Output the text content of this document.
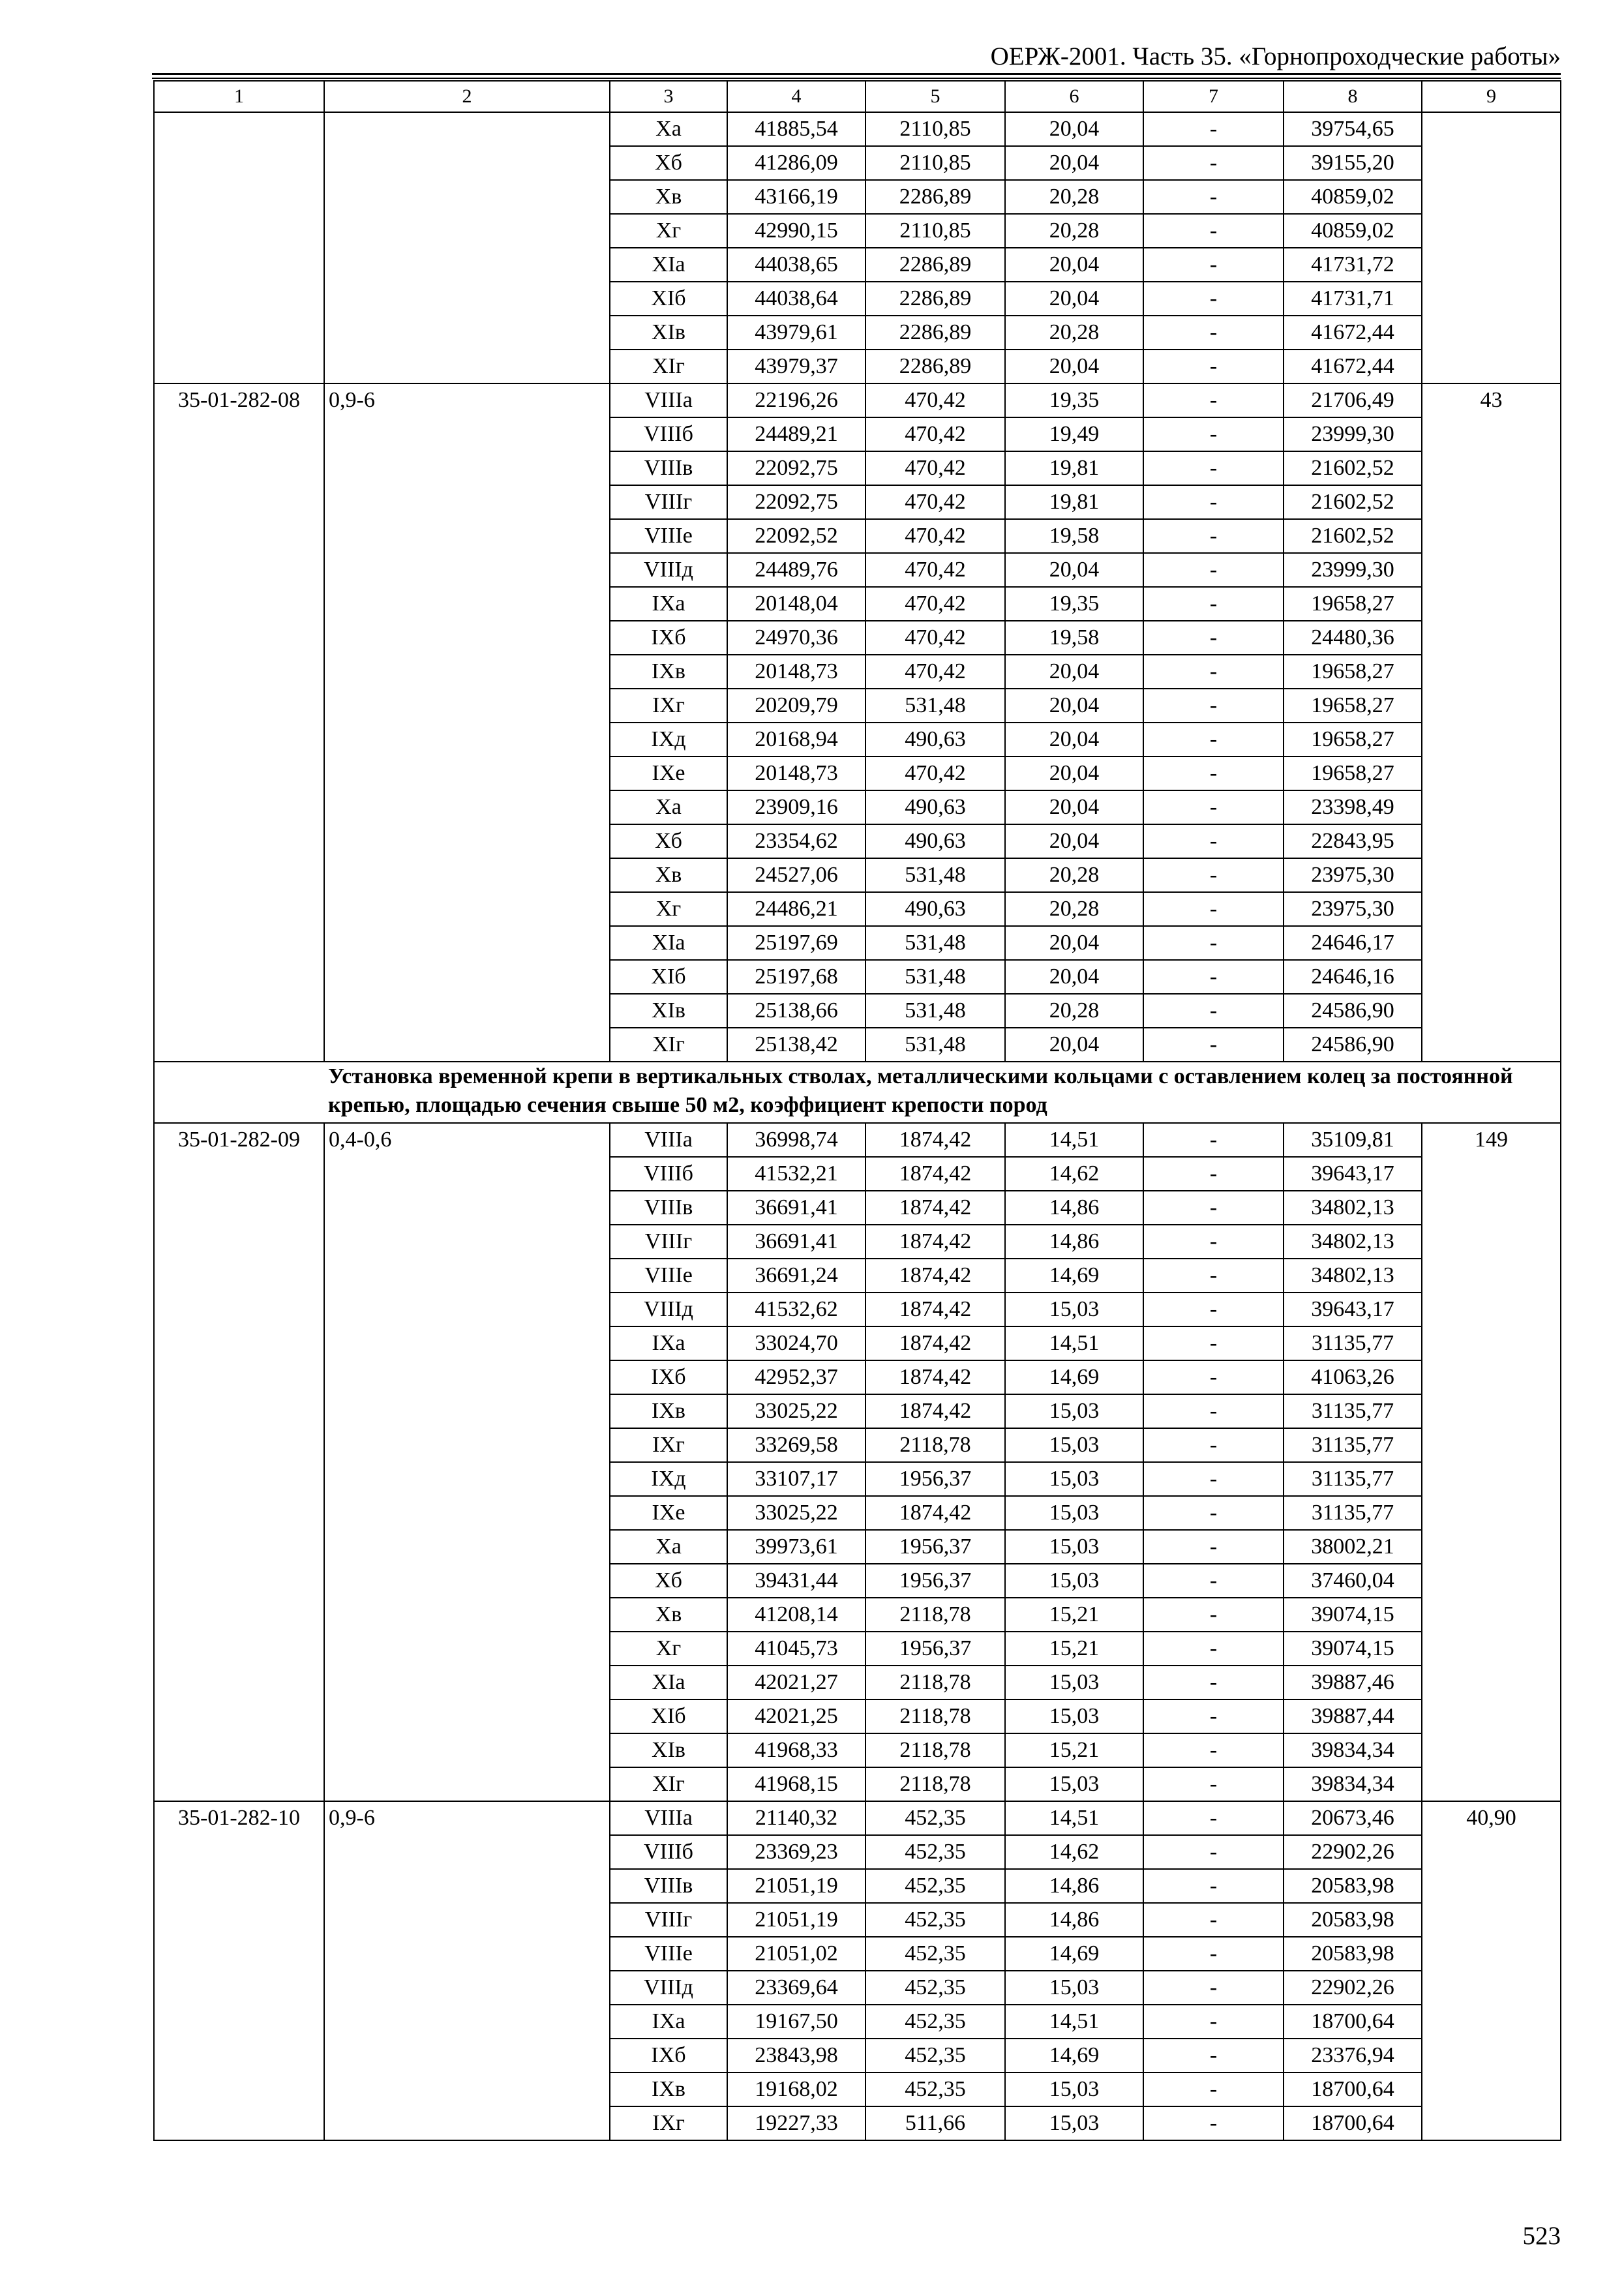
ОЕРЖ-2001. Часть 35. «Горнопроходческие работы»
1	2	3	4	5	6	7	8	9
		Xa	41885,54	2110,85	20,04	-	39754,65	
		Xб	41286,09	2110,85	20,04	-	39155,20	
		Xв	43166,19	2286,89	20,28	-	40859,02	
		Xг	42990,15	2110,85	20,28	-	40859,02	
		XIa	44038,65	2286,89	20,04	-	41731,72	
		XIб	44038,64	2286,89	20,04	-	41731,71	
		XIв	43979,61	2286,89	20,28	-	41672,44	
		XIг	43979,37	2286,89	20,04	-	41672,44	
35-01-282-08	0,9-6	VIIIa	22196,26	470,42	19,35	-	21706,49	43
		VIIIб	24489,21	470,42	19,49	-	23999,30	
		VIIIв	22092,75	470,42	19,81	-	21602,52	
		VIIIг	22092,75	470,42	19,81	-	21602,52	
		VIIIe	22092,52	470,42	19,58	-	21602,52	
		VIIIд	24489,76	470,42	20,04	-	23999,30	
		IXa	20148,04	470,42	19,35	-	19658,27	
		IXб	24970,36	470,42	19,58	-	24480,36	
		IXв	20148,73	470,42	20,04	-	19658,27	
		IXг	20209,79	531,48	20,04	-	19658,27	
		IXд	20168,94	490,63	20,04	-	19658,27	
		IXe	20148,73	470,42	20,04	-	19658,27	
		Xa	23909,16	490,63	20,04	-	23398,49	
		Xб	23354,62	490,63	20,04	-	22843,95	
		Xв	24527,06	531,48	20,28	-	23975,30	
		Xг	24486,21	490,63	20,28	-	23975,30	
		XIa	25197,69	531,48	20,04	-	24646,17	
		XIб	25197,68	531,48	20,04	-	24646,16	
		XIв	25138,66	531,48	20,28	-	24586,90	
		XIг	25138,42	531,48	20,04	-	24586,90	
Установка временной крепи в вертикальных стволах, металлическими кольцами с оставлением колец за постоянной крепью, площадью сечения свыше 50 м2, коэффициент крепости пород								
35-01-282-09	0,4-0,6	VIIIa	36998,74	1874,42	14,51	-	35109,81	149
		VIIIб	41532,21	1874,42	14,62	-	39643,17	
		VIIIв	36691,41	1874,42	14,86	-	34802,13	
		VIIIг	36691,41	1874,42	14,86	-	34802,13	
		VIIIe	36691,24	1874,42	14,69	-	34802,13	
		VIIIд	41532,62	1874,42	15,03	-	39643,17	
		IXa	33024,70	1874,42	14,51	-	31135,77	
		IXб	42952,37	1874,42	14,69	-	41063,26	
		IXв	33025,22	1874,42	15,03	-	31135,77	
		IXг	33269,58	2118,78	15,03	-	31135,77	
		IXд	33107,17	1956,37	15,03	-	31135,77	
		IXe	33025,22	1874,42	15,03	-	31135,77	
		Xa	39973,61	1956,37	15,03	-	38002,21	
		Xб	39431,44	1956,37	15,03	-	37460,04	
		Xв	41208,14	2118,78	15,21	-	39074,15	
		Xг	41045,73	1956,37	15,21	-	39074,15	
		XIa	42021,27	2118,78	15,03	-	39887,46	
		XIб	42021,25	2118,78	15,03	-	39887,44	
		XIв	41968,33	2118,78	15,21	-	39834,34	
		XIг	41968,15	2118,78	15,03	-	39834,34	
35-01-282-10	0,9-6	VIIIa	21140,32	452,35	14,51	-	20673,46	40,90
		VIIIб	23369,23	452,35	14,62	-	22902,26	
		VIIIв	21051,19	452,35	14,86	-	20583,98	
		VIIIг	21051,19	452,35	14,86	-	20583,98	
		VIIIe	21051,02	452,35	14,69	-	20583,98	
		VIIIд	23369,64	452,35	15,03	-	22902,26	
		IXa	19167,50	452,35	14,51	-	18700,64	
		IXб	23843,98	452,35	14,69	-	23376,94	
		IXв	19168,02	452,35	15,03	-	18700,64	
		IXг	19227,33	511,66	15,03	-	18700,64	
523
